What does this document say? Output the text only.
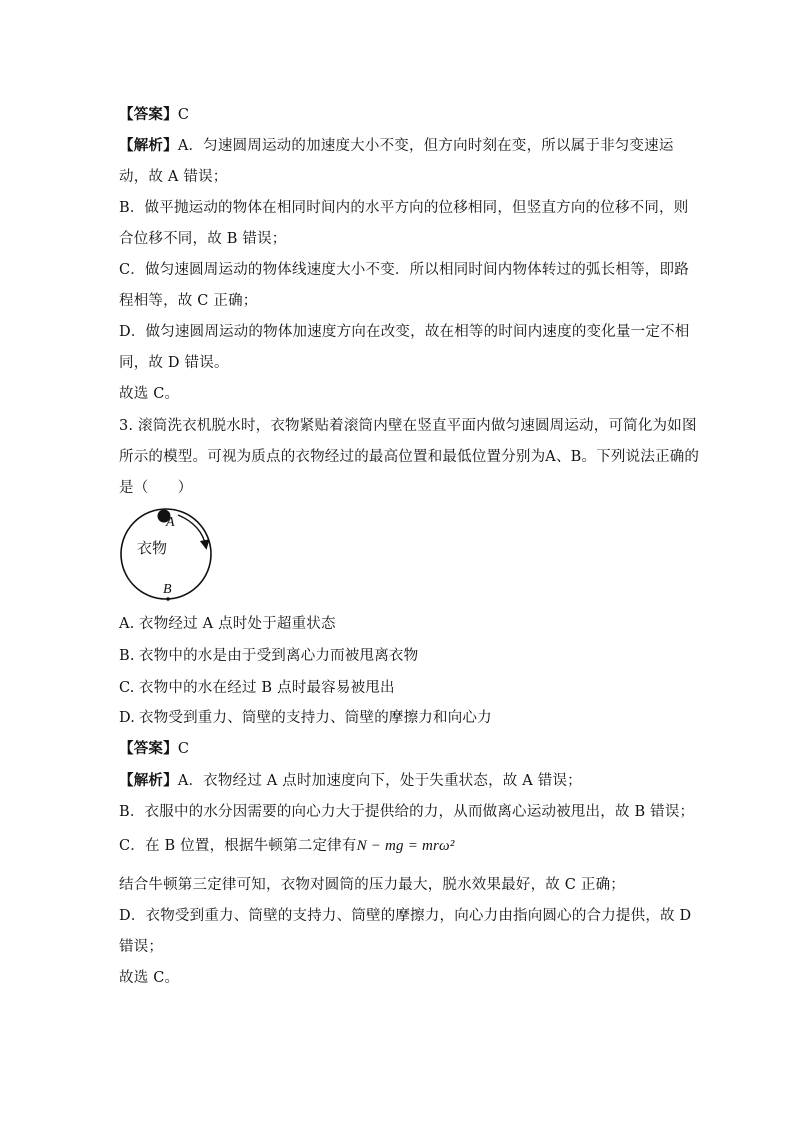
【答案】C
【解析】A．匀速圆周运动的加速度大小不变，但方向时刻在变，所以属于非匀变速运
动，故 A 错误；
B．做平抛运动的物体在相同时间内的水平方向的位移相同，但竖直方向的位移不同，则
合位移不同，故 B 错误；
C．做匀速圆周运动的物体线速度大小不变．所以相同时间内物体转过的弧长相等，即路
程相等，故 C 正确；
D．做匀速圆周运动的物体加速度方向在改变，故在相等的时间内速度的变化量一定不相
同，故 D 错误。
故选 C。
3. 滚筒洗衣机脱水时，衣物紧贴着滚筒内壁在竖直平面内做匀速圆周运动，可简化为如图
所示的模型。可视为质点的衣物经过的最高位置和最低位置分别为A、B。下列说法正确的
是（　　）
A
衣物
B
A. 衣物经过 A 点时处于超重状态
B. 衣物中的水是由于受到离心力而被甩离衣物
C. 衣物中的水在经过 B 点时最容易被甩出
D. 衣物受到重力、筒壁的支持力、筒壁的摩擦力和向心力
【答案】C
【解析】A．衣物经过 A 点时加速度向下，处于失重状态，故 A 错误；
B．衣服中的水分因需要的向心力大于提供给的力，从而做离心运动被甩出，故 B 错误；
C．在 B 位置，根据牛顿第二定律有N − mg = mrω²
结合牛顿第三定律可知，衣物对圆筒的压力最大，脱水效果最好，故 C 正确；
D．衣物受到重力、筒壁的支持力、筒壁的摩擦力，向心力由指向圆心的合力提供，故 D
错误；
故选 C。
